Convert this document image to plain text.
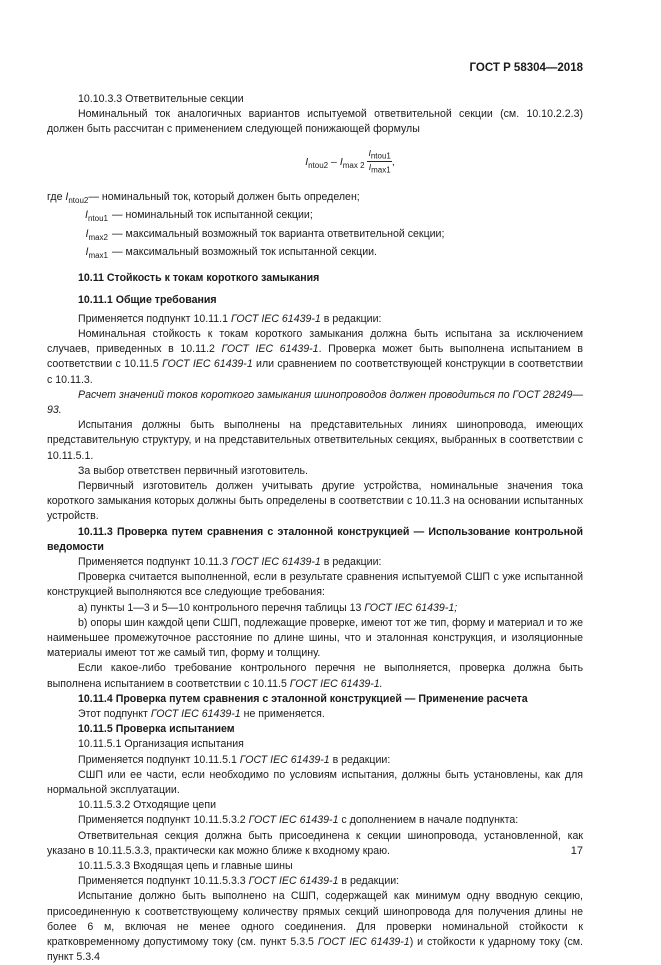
ГОСТ Р 58304—2018

10.10.3.3 Ответвительные секции

Номинальный ток аналогичных вариантов испытуемой ответвительной секции (см. 10.10.2.2.3) должен быть рассчитан с применением следующей понижающей формулы

$I_{ntou2} - I_{max 2} \frac{I_{ntou1}}{I_{max1}}$ ,
где $I_{ntou2}$ — номинальный ток, который должен быть определен;
$I_{ntou1}$ — номинальный ток испытанной секции;
$I_{max2}$ — максимальный возможный ток варианта ответвительной секции;
$I_{max1}$ — максимальный возможный ток испытанной секции.

10.11 Стойкость к токам короткого замыкания

10.11.1 Общие требования

Применяется подпункт 10.11.1 ГОСТ IEC 61439-1 в редакции:

Номинальная стойкость к токам короткого замыкания должна быть испытана за исключением случаев, приведенных в 10.11.2 ГОСТ IEC 61439-1. Проверка может быть выполнена испытанием в соответствии с 10.11.5 ГОСТ IEC 61439-1 или сравнением по соответствующей конструкции в соответствии с 10.11.3.

Расчет значений токов короткого замыкания шинопроводов должен проводиться по ГОСТ 28249—93.

Испытания должны быть выполнены на представительных линиях шинопровода, имеющих представительную структуру, и на представительных ответвительных секциях, выбранных в соответствии с 10.11.5.1.

За выбор ответствен первичный изготовитель.

Первичный изготовитель должен учитывать другие устройства, номинальные значения тока короткого замыкания которых должны быть определены в соответствии с 10.11.3 на основании испытанных устройств.

10.11.3 Проверка путем сравнения с эталонной конструкцией — Использование контрольной ведомости

Применяется подпункт 10.11.3 ГОСТ IEC 61439-1 в редакции:

Проверка считается выполненной, если в результате сравнения испытуемой СШП с уже испытанной конструкцией выполняются все следующие требования:

а) пункты 1—3 и 5—10 контрольного перечня таблицы 13 ГОСТ IEC 61439-1;

b) опоры шин каждой цепи СШП, подлежащие проверке, имеют тот же тип, форму и материал и то же наименьшее промежуточное расстояние по длине шины, что и эталонная конструкция, и изоляционные материалы имеют тот же самый тип, форму и толщину.

Если какое-либо требование контрольного перечня не выполняется, проверка должна быть выполнена испытанием в соответствии с 10.11.5 ГОСТ IEC 61439-1.

10.11.4 Проверка путем сравнения с эталонной конструкцией — Применение расчета

Этот подпункт ГОСТ IEC 61439-1 не применяется.

10.11.5 Проверка испытанием

10.11.5.1 Организация испытания

Применяется подпункт 10.11.5.1 ГОСТ IEC 61439-1 в редакции:

СШП или ее части, если необходимо по условиям испытания, должны быть установлены, как для нормальной эксплуатации.

10.11.5.3.2 Отходящие цепи

Применяется подпункт 10.11.5.3.2 ГОСТ IEC 61439-1 с дополнением в начале подпункта:

Ответвительная секция должна быть присоединена к секции шинопровода, установленной, как указано в 10.11.5.3.3, практически как можно ближе к входному краю.

10.11.5.3.3 Входящая цепь и главные шины

Применяется подпункт 10.11.5.3.3 ГОСТ IEC 61439-1 в редакции:

Испытание должно быть выполнено на СШП, содержащей как минимум одну вводную секцию, присоединенную к соответствующему количеству прямых секций шинопровода для получения длины не более 6 м, включая не менее одного соединения. Для проверки номинальной стойкости к кратковременному допустимому току (см. пункт 5.3.5 ГОСТ IEC 61439-1) и стойкости к ударному току (см. пункт 5.3.4

17
